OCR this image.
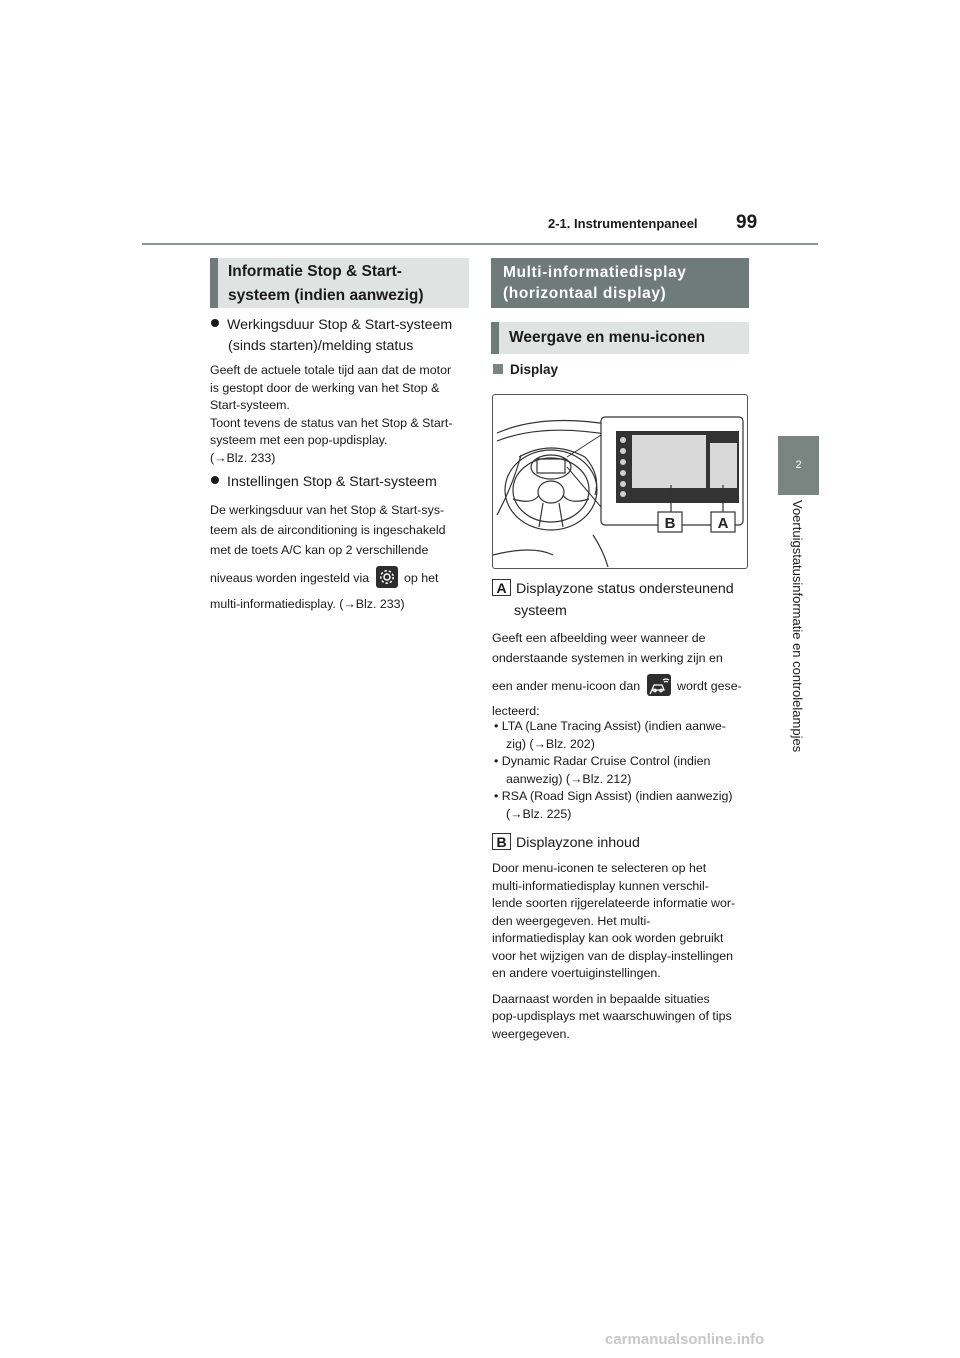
2-1. Instrumentenpaneel 99
2
Voertuigstatusinformatie en controlelampjes
Informatie Stop & Start-
systeem (indien aanwezig)
Werkingsduur Stop & Start-systeem
(sinds starten)/melding status

Geeft de actuele totale tijd aan dat de motor

is gestopt door de werking van het Stop &

Start-systeem.

Toont tevens de status van het Stop & Start-

systeem met een pop-updisplay.

(→Blz. 233)

Instellingen Stop & Start-systeem

De werkingsduur van het Stop & Start-sys-

teem als de airconditioning is ingeschakeld

met de toets A/C kan op 2 verschillende

niveaus worden ingesteld via	op het

multi-informatiedisplay. (→Blz. 233)

Multi-informatiedisplay
(horizontaal display)
Weergave en menu-iconen
Display
B	A
A Displayzone status ondersteunend
systeem

Geeft een afbeelding weer wanneer de

onderstaande systemen in werking zijn en

een ander menu-icoon dan	wordt gese-

lecteerd:

• LTA (Lane Tracing Assist) (indien aanwe-
zig) (→Blz. 202)
• Dynamic Radar Cruise Control (indien
aanwezig) (→Blz. 212)
• RSA (Road Sign Assist) (indien aanwezig)
(→Blz. 225)
B Displayzone inhoud

Door menu-iconen te selecteren op het

multi-informatiedisplay kunnen verschil-

lende soorten rijgerelateerde informatie wor-

den weergegeven. Het multi-

informatiedisplay kan ook worden gebruikt

voor het wijzigen van de display-instellingen

en andere voertuiginstellingen.

Daarnaast worden in bepaalde situaties

pop-updisplays met waarschuwingen of tips

weergegeven.

carmanualsonline.info
